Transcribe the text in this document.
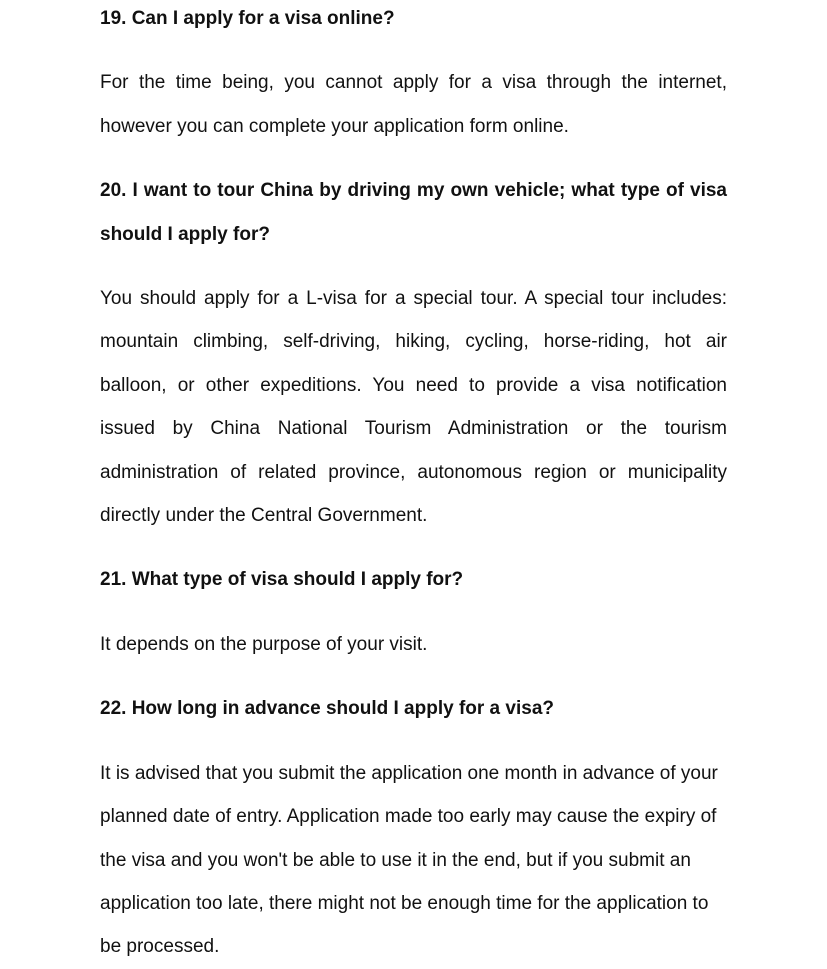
19. Can I apply for a visa online?

For the time being, you cannot apply for a visa through the internet, however you can complete your application form online.

20. I want to tour China by driving my own vehicle; what type of visa should I apply for?

You should apply for a L-visa for a special tour. A special tour includes: mountain climbing, self-driving, hiking, cycling, horse-riding, hot air balloon, or other expeditions. You need to provide a visa notification issued by China National Tourism Administration or the tourism administration of related province, autonomous region or municipality directly under the Central Government.

21. What type of visa should I apply for?

It depends on the purpose of your visit.

22. How long in advance should I apply for a visa?

It is advised that you submit the application one month in advance of your planned date of entry. Application made too early may cause the expiry of the visa and you won't be able to use it in the end, but if you submit an application too late, there might not be enough time for the application to be processed.
